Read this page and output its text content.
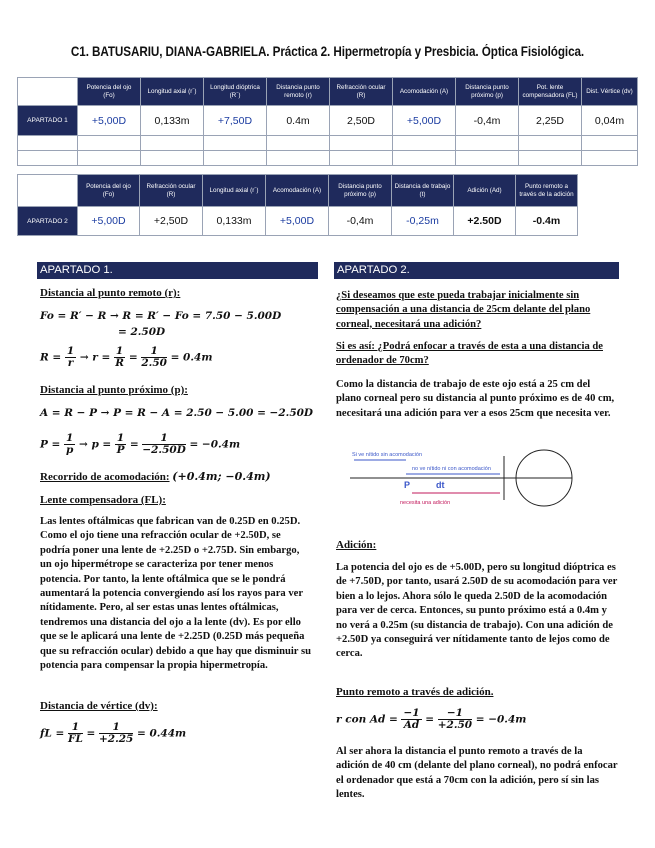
C1. BATUSARIU, DIANA-GABRIELA. Práctica 2. Hipermetropía y Presbicia. Óptica Fisiológica.
	Potencia del ojo (Fo)	Longitud axial (r´)	Longitud dióptrica (R´)	Distancia punto remoto (r)	Refracción ocular (R)	Acomodación (A)	Distancia punto próximo (p)	Pot. lente compensadora (FL)	Dist. Vértice (dv)
APARTADO 1	+5,00D	0,133m	+7,50D	0.4m	2,50D	+5,00D	-0,4m	2,25D	0,04m

	Potencia del ojo (Fo)	Refracción ocular (R)	Longitud axial (r´)	Acomodación (A)	Distancia punto próximo (p)	Distancia de trabajo (t)	Adición (Ad)	Punto remoto a través de la adición
APARTADO 2	+5,00D	+2,50D	0,133m	+5,00D	-0,4m	-0,25m	+2.50D	-0.4m
APARTADO 1.
Distancia al punto remoto (r):
Fo = R′ − R → R = R′ − Fo = 7.50 − 5.00D
= 2.50D
$R = \frac{1}{r} \to r = \frac{1}{R} = \frac{1}{2.50} = 0.4m$
Distancia al punto próximo (p):
A = R − P → P = R − A = 2.50 − 5.00 = −2.50D
$P = \frac{1}{p} \to p = \frac{1}{P} = \frac{1}{-2.50D} = -0.4m$
Recorrido de acomodación: (+0.4m; −0.4m)
Lente compensadora (FL):
Las lentes oftálmicas que fabrican van de 0.25D en 0.25D. Como el ojo tiene una refracción ocular de +2.50D, se podría poner una lente de +2.25D o +2.75D. Sin embargo, un ojo hipermétrope se caracteriza por tener menos potencia. Por tanto, la lente oftálmica que se le pondrá aumentará la potencia convergiendo así los rayos para ver nítidamente. Pero, al ser estas unas lentes oftálmicas, tendremos una distancia del ojo a la lente (dv). Es por ello que se le aplicará una lente de +2.25D (0.25D más pequeña que su refracción ocular) debido a que hay que disminuir su potencia para compensar la propia hipermetropía.
Distancia de vértice (dv):
fL = $\frac{1}{FL} = \frac{1}{+2.25} = 0.44m$
APARTADO 2.
¿Si deseamos que este pueda trabajar inicialmente sin compensación a una distancia de 25cm delante del plano corneal, necesitará una adición?
Si es así: ¿Podrá enfocar a través de esta a una distancia de ordenador de 70cm?
Como la distancia de trabajo de este ojo está a 25 cm del plano corneal pero su distancia al punto próximo es de 40 cm, necesitará una adición para ver a esos 25cm que necesita ver.
Si ve nítido sin acomodación
no ve nítido ni con acomodación
P	dt
necesita una adición
Adición:
La potencia del ojo es de +5.00D, pero su longitud dióptrica es de +7.50D, por tanto, usará 2.50D de su acomodación para ver bien a lo lejos. Ahora sólo le queda 2.50D de la acomodación para ver de cerca. Entonces, su punto próximo está a 0.4m y no verá a 0.25m (su distancia de trabajo). Con una adición de +2.50D ya conseguirá ver nítidamente tanto de lejos como de cerca.
Punto remoto a través de adición.
r con $Ad = \frac{-1}{Ad} = \frac{-1}{+2.50} = -0.4m$
Al ser ahora la distancia el punto remoto a través de la adición de 40 cm (delante del plano corneal), no podrá enfocar el ordenador que está a 70cm con la adición, pero sí sin las lentes.
